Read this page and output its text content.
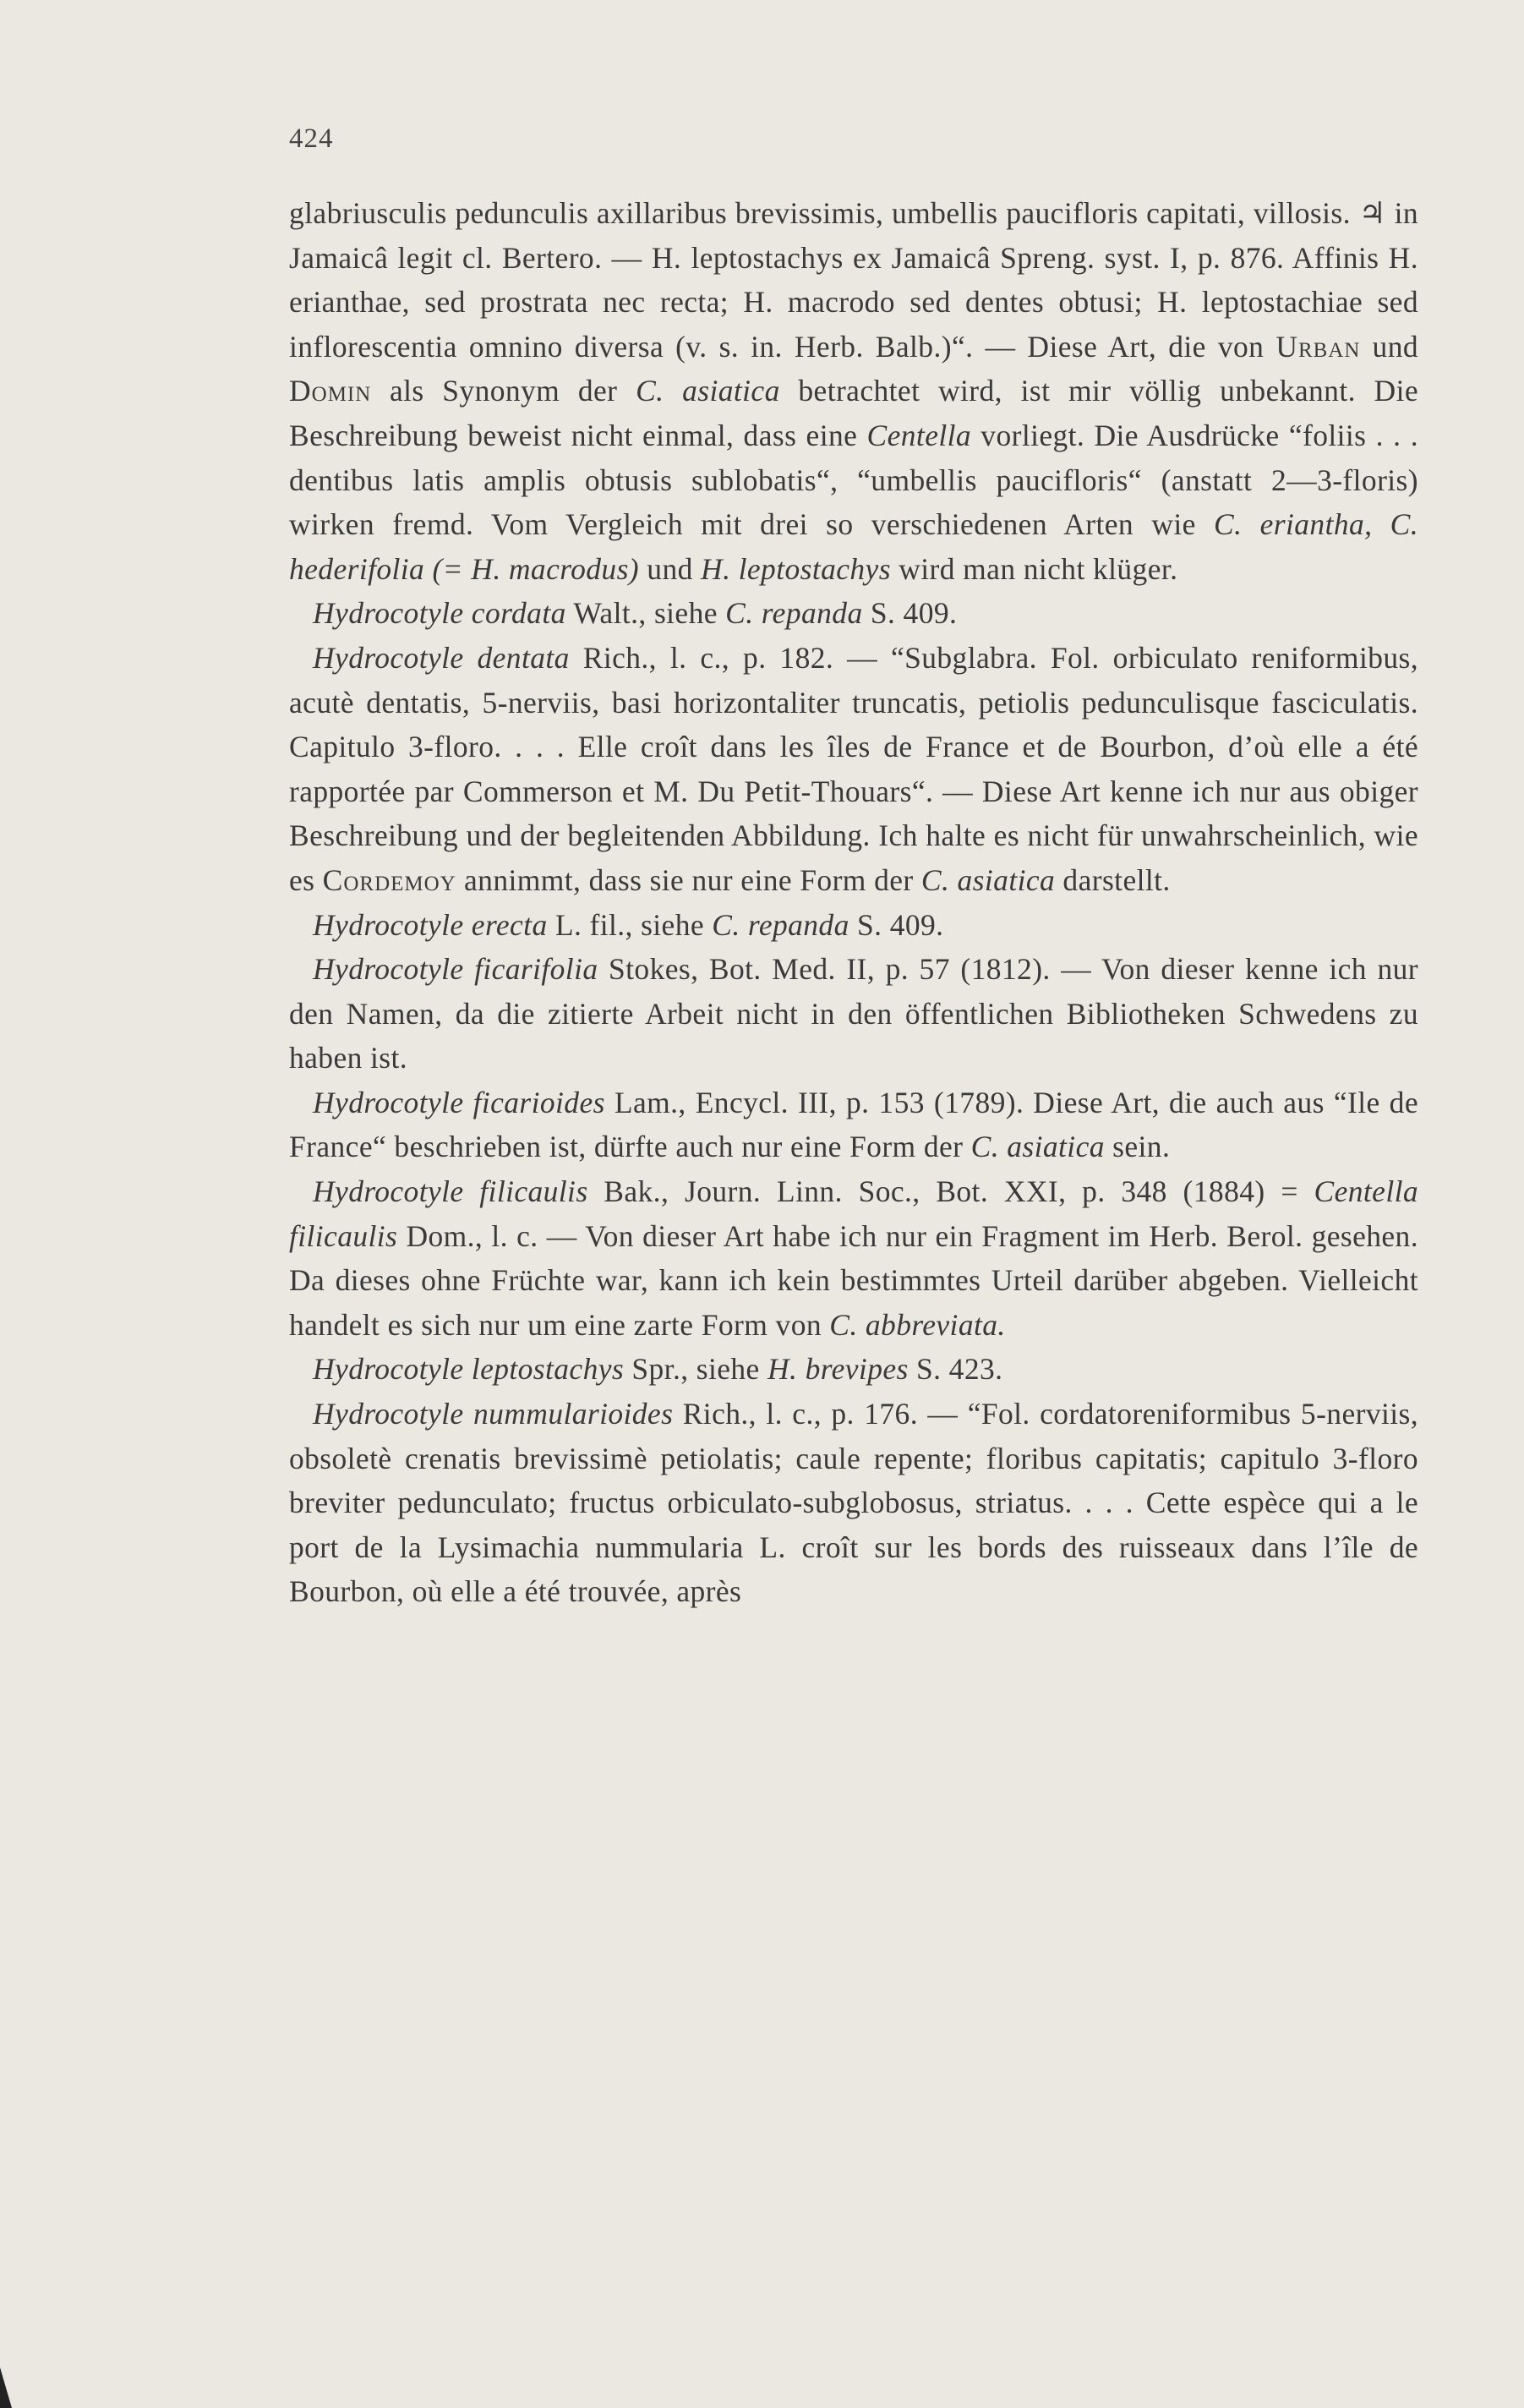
424

glabriusculis pedunculis axillaribus brevissimis, umbellis paucifloris capitati, villosis. ♃ in Jamaicâ legit cl. Bertero. — H. leptostachys ex Jamaicâ Spreng. syst. I, p. 876. Affinis H. erianthae, sed prostrata nec recta; H. macrodo sed dentes obtusi; H. leptostachiae sed inflorescentia omnino diversa (v. s. in. Herb. Balb.)“. — Diese Art, die von Urban und Domin als Synonym der C. asiatica betrachtet wird, ist mir völlig unbekannt. Die Beschreibung beweist nicht einmal, dass eine Centella vorliegt. Die Ausdrücke “foliis . . . dentibus latis amplis obtusis sublobatis“, “umbellis paucifloris“ (anstatt 2—3-floris) wirken fremd. Vom Vergleich mit drei so verschiedenen Arten wie C. eriantha, C. hederifolia (= H. macrodus) und H. leptostachys wird man nicht klüger.

Hydrocotyle cordata Walt., siehe C. repanda S. 409.

Hydrocotyle dentata Rich., l. c., p. 182. — “Subglabra. Fol. orbiculato reniformibus, acutè dentatis, 5-nerviis, basi horizontaliter truncatis, petiolis pedunculisque fasciculatis. Capitulo 3-floro. . . . Elle croît dans les îles de France et de Bourbon, d’où elle a été rapportée par Commerson et M. Du Petit-Thouars“. — Diese Art kenne ich nur aus obiger Beschreibung und der begleitenden Abbildung. Ich halte es nicht für unwahrscheinlich, wie es Cordemoy annimmt, dass sie nur eine Form der C. asiatica darstellt.

Hydrocotyle erecta L. fil., siehe C. repanda S. 409.

Hydrocotyle ficarifolia Stokes, Bot. Med. II, p. 57 (1812). — Von dieser kenne ich nur den Namen, da die zitierte Arbeit nicht in den öffentlichen Bibliotheken Schwedens zu haben ist.

Hydrocotyle ficarioides Lam., Encycl. III, p. 153 (1789). Diese Art, die auch aus “Ile de France“ beschrieben ist, dürfte auch nur eine Form der C. asiatica sein.

Hydrocotyle filicaulis Bak., Journ. Linn. Soc., Bot. XXI, p. 348 (1884) = Centella filicaulis Dom., l. c. — Von dieser Art habe ich nur ein Fragment im Herb. Berol. gesehen. Da dieses ohne Früchte war, kann ich kein bestimmtes Urteil darüber abgeben. Vielleicht handelt es sich nur um eine zarte Form von C. abbreviata.

Hydrocotyle leptostachys Spr., siehe H. brevipes S. 423.

Hydrocotyle nummularioides Rich., l. c., p. 176. — “Fol. cordatoreniformibus 5-nerviis, obsoletè crenatis brevissimè petiolatis; caule repente; floribus capitatis; capitulo 3-floro breviter pedunculato; fructus orbiculato-subglobosus, striatus. . . . Cette espèce qui a le port de la Lysimachia nummularia L. croît sur les bords des ruisseaux dans l’île de Bourbon, où elle a été trouvée, après
